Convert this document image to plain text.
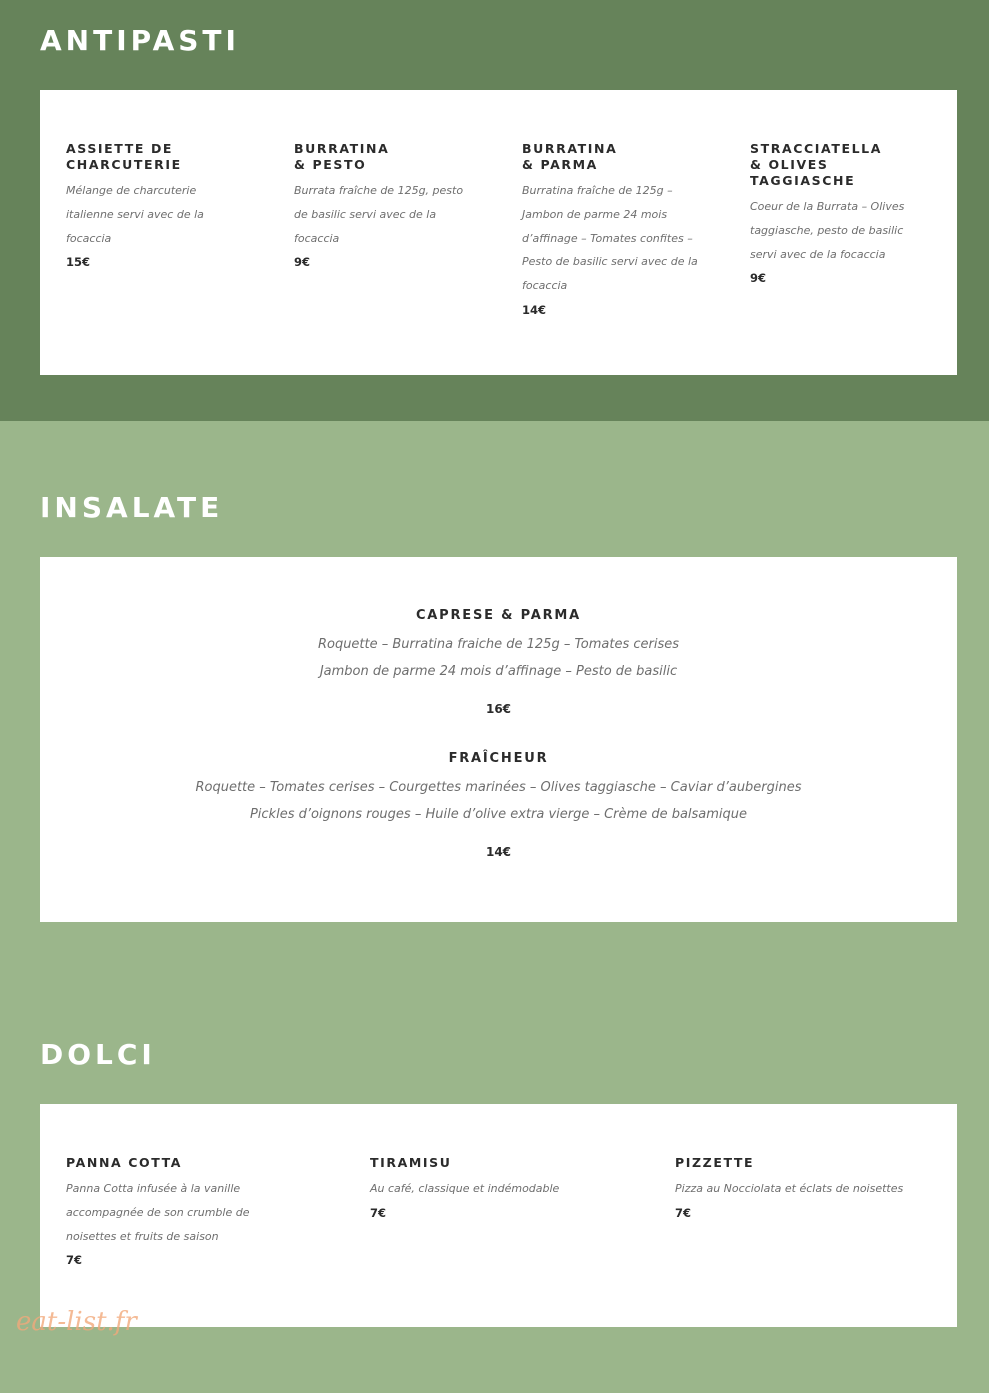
ANTIPASTI
ASSIETTE DE
CHARCUTERIE
Mélange de charcuterie italienne servi avec de la focaccia
15€
BURRATINA
& PESTO
Burrata fraîche de 125g, pesto de basilic servi avec de la focaccia
9€
BURRATINA
& PARMA
Burratina fraîche de 125g – Jambon de parme 24 mois d’affinage – Tomates confites – Pesto de basilic servi avec de la focaccia
14€
STRACCIATELLA
& OLIVES
TAGGIASCHE
Coeur de la Burrata – Olives taggiasche, pesto de basilic servi avec de la focaccia
9€
INSALATE
CAPRESE & PARMA
Roquette – Burratina fraiche de 125g – Tomates cerises
Jambon de parme 24 mois d’affinage – Pesto de basilic
16€
FRAÎCHEUR
Roquette – Tomates cerises – Courgettes marinées – Olives taggiasche – Caviar d’aubergines
Pickles d’oignons rouges – Huile d’olive extra vierge – Crème de balsamique
14€
DOLCI
PANNA COTTA
Panna Cotta infusée à la vanille accompagnée de son crumble de noisettes et fruits de saison
7€
TIRAMISU
Au café, classique et indémodable
7€
PIZZETTE
Pizza au Nocciolata et éclats de noisettes
7€
eat-list.fr
